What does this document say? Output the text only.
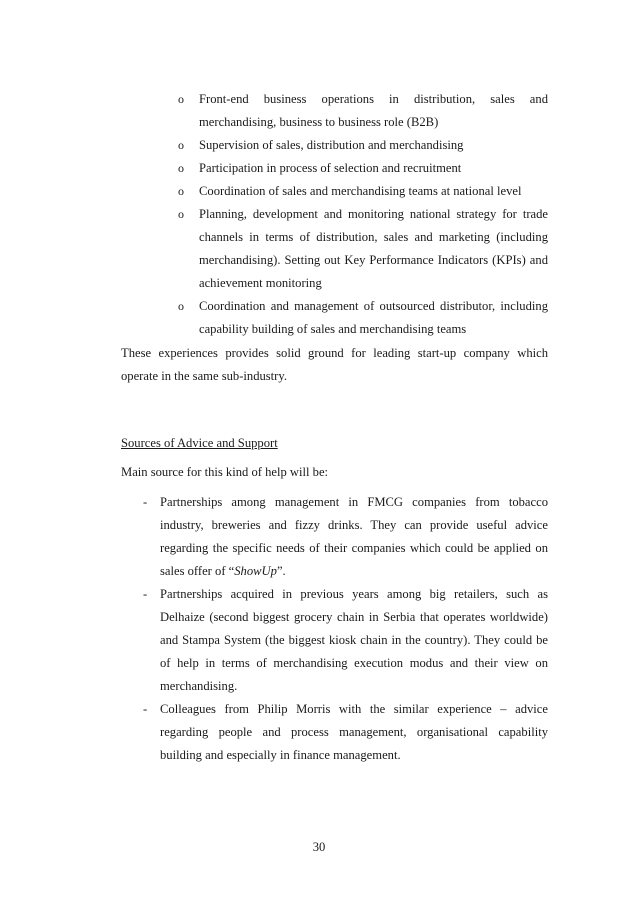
o Front-end business operations in distribution, sales and merchandising, business to business role (B2B)
o Supervision of sales, distribution and merchandising
o Participation in process of selection and recruitment
o Coordination of sales and merchandising teams at national level
o Planning, development and monitoring national strategy for trade channels in terms of distribution, sales and marketing (including merchandising). Setting out Key Performance Indicators (KPIs) and achievement monitoring
o Coordination and management of outsourced distributor, including capability building of sales and merchandising teams

These experiences provides solid ground for leading start-up company which operate in the same sub-industry.

Sources of Advice and Support

Main source for this kind of help will be:

- Partnerships among management in FMCG companies from tobacco industry, breweries and fizzy drinks. They can provide useful advice regarding the specific needs of their companies which could be applied on sales offer of “ShowUp”.
- Partnerships acquired in previous years among big retailers, such as Delhaize (second biggest grocery chain in Serbia that operates worldwide) and Stampa System (the biggest kiosk chain in the country). They could be of help in terms of merchandising execution modus and their view on merchandising.
- Colleagues from Philip Morris with the similar experience – advice regarding people and process management, organisational capability building and especially in finance management.
30
